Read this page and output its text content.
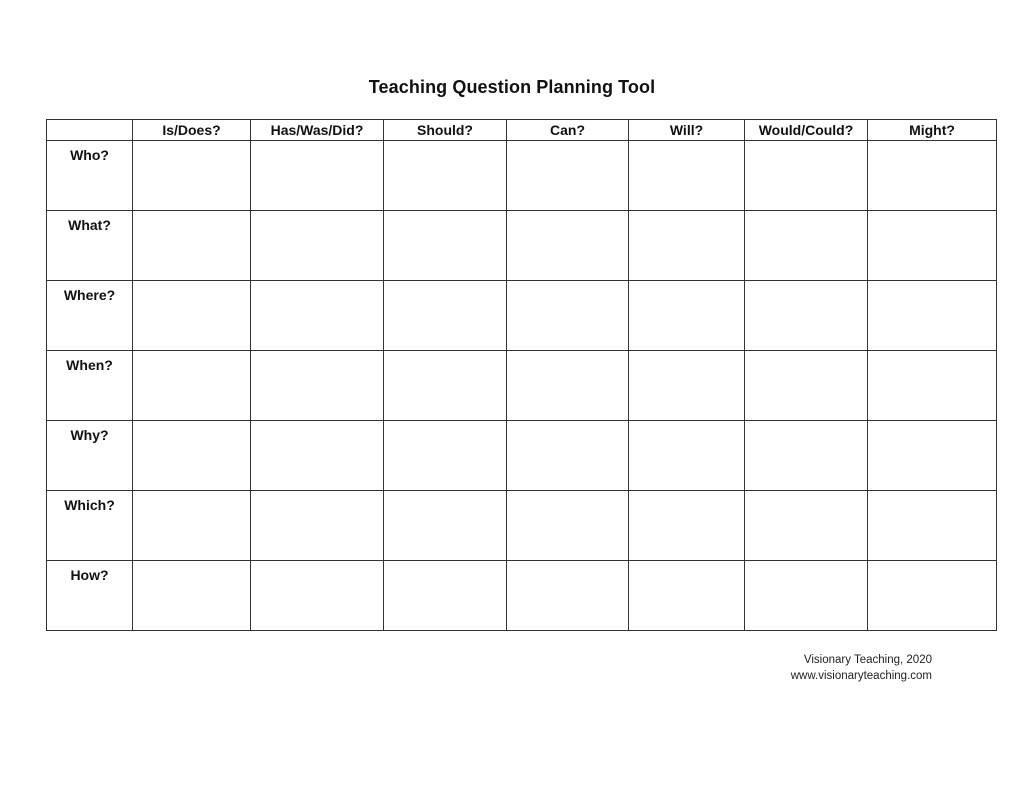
Teaching Question Planning Tool
	Is/Does?	Has/Was/Did?	Should?	Can?	Will?	Would/Could?	Might?
Who?							
What?							
Where?							
When?							
Why?							
Which?							
How?							
Visionary Teaching, 2020
www.visionaryteaching.com
